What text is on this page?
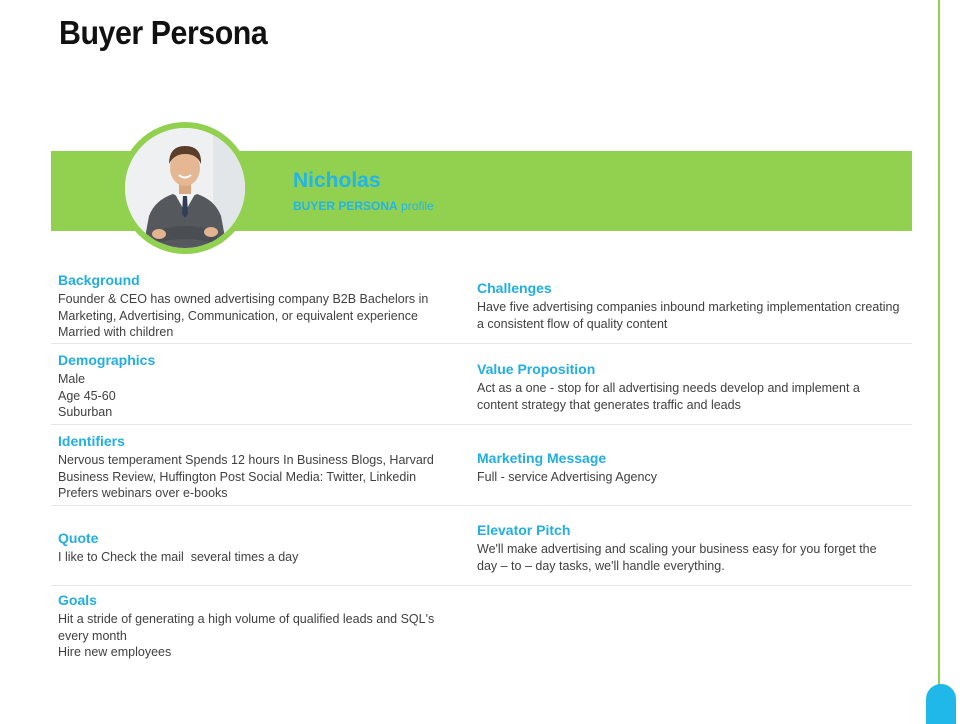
Buyer Persona
Nicholas
BUYER PERSONA profile
Background

Founder & CEO has owned advertising company B2B Bachelors in

Marketing, Advertising, Communication, or equivalent experience

Married with children

Demographics

Male

Age 45-60

Suburban

Identifiers

Nervous temperament Spends 12 hours In Business Blogs, Harvard

Business Review, Huffington Post Social Media: Twitter, Linkedin

Prefers webinars over e-books

Quote

I like to Check the mail  several times a day

Goals

Hit a stride of generating a high volume of qualified leads and SQL's

every month

Hire new employees

Challenges

Have five advertising companies inbound marketing implementation creating

a consistent flow of quality content

Value Proposition

Act as a one - stop for all advertising needs develop and implement a

content strategy that generates traffic and leads

Marketing Message

Full - service Advertising Agency

Elevator Pitch

We'll make advertising and scaling your business easy for you forget the

day – to – day tasks, we'll handle everything.
